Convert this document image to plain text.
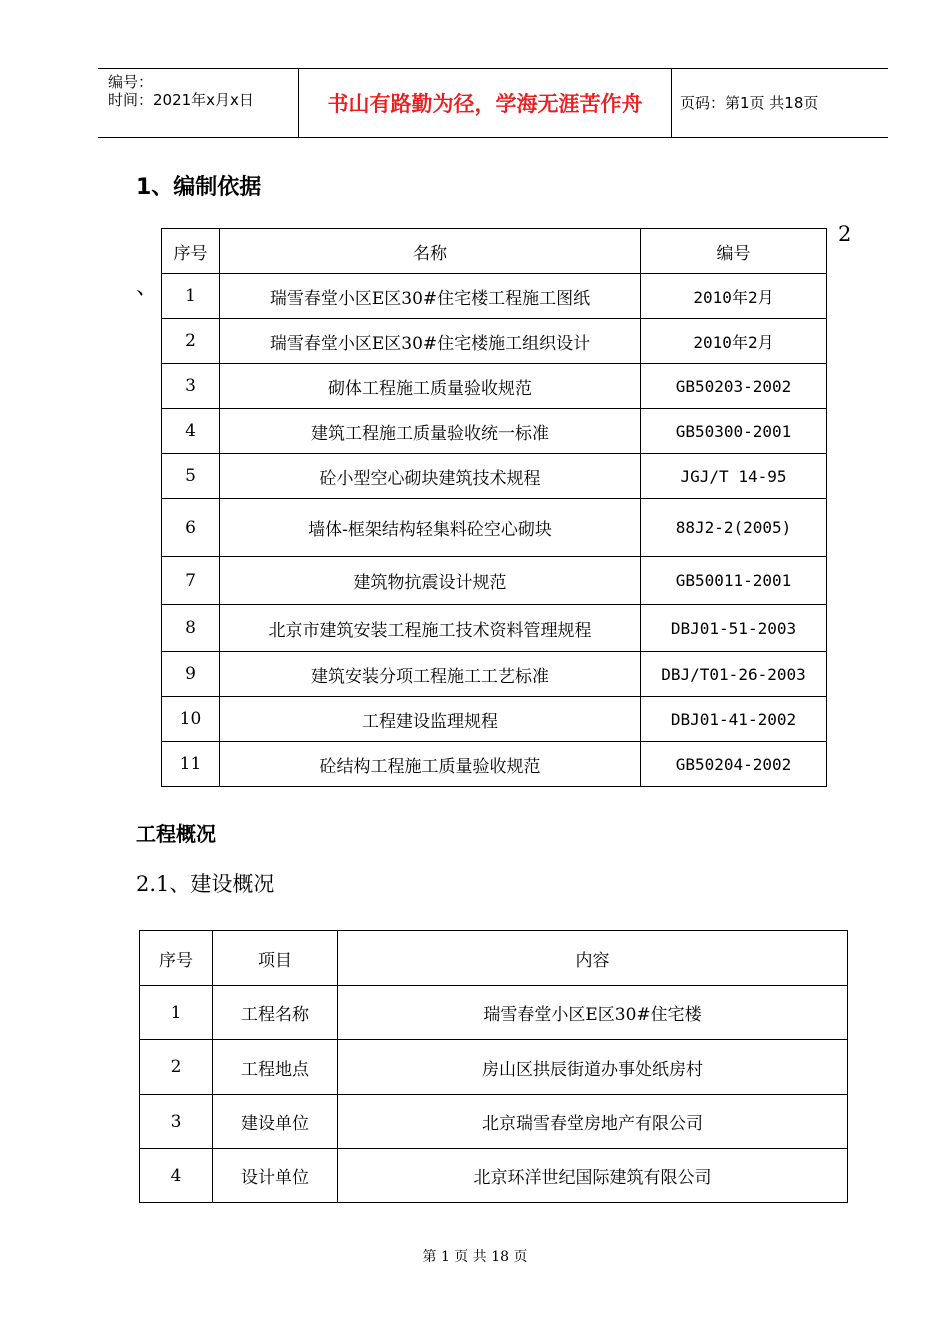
编号：
时间：2021年x月x日	书山有路勤为径，学海无涯苦作舟	页码：第1页 共18页
1、编制依据
2
、
序号	名称	编号
1	瑞雪春堂小区E区30#住宅楼工程施工图纸	2010年2月
2	瑞雪春堂小区E区30#住宅楼施工组织设计	2010年2月
3	砌体工程施工质量验收规范	GB50203-2002
4	建筑工程施工质量验收统一标准	GB50300-2001
5	砼小型空心砌块建筑技术规程	JGJ/T 14-95
6	墙体-框架结构轻集料砼空心砌块	88J2-2(2005)
7	建筑物抗震设计规范	GB50011-2001
8	北京市建筑安装工程施工技术资料管理规程	DBJ01-51-2003
9	建筑安装分项工程施工工艺标准	DBJ/T01-26-2003
10	工程建设监理规程	DBJ01-41-2002
11	砼结构工程施工质量验收规范	GB50204-2002
工程概况
2.1、建设概况
序号	项目	内容
1	工程名称	瑞雪春堂小区E区30#住宅楼
2	工程地点	房山区拱辰街道办事处纸房村
3	建设单位	北京瑞雪春堂房地产有限公司
4	设计单位	北京环洋世纪国际建筑有限公司
第 1 页 共 18 页
